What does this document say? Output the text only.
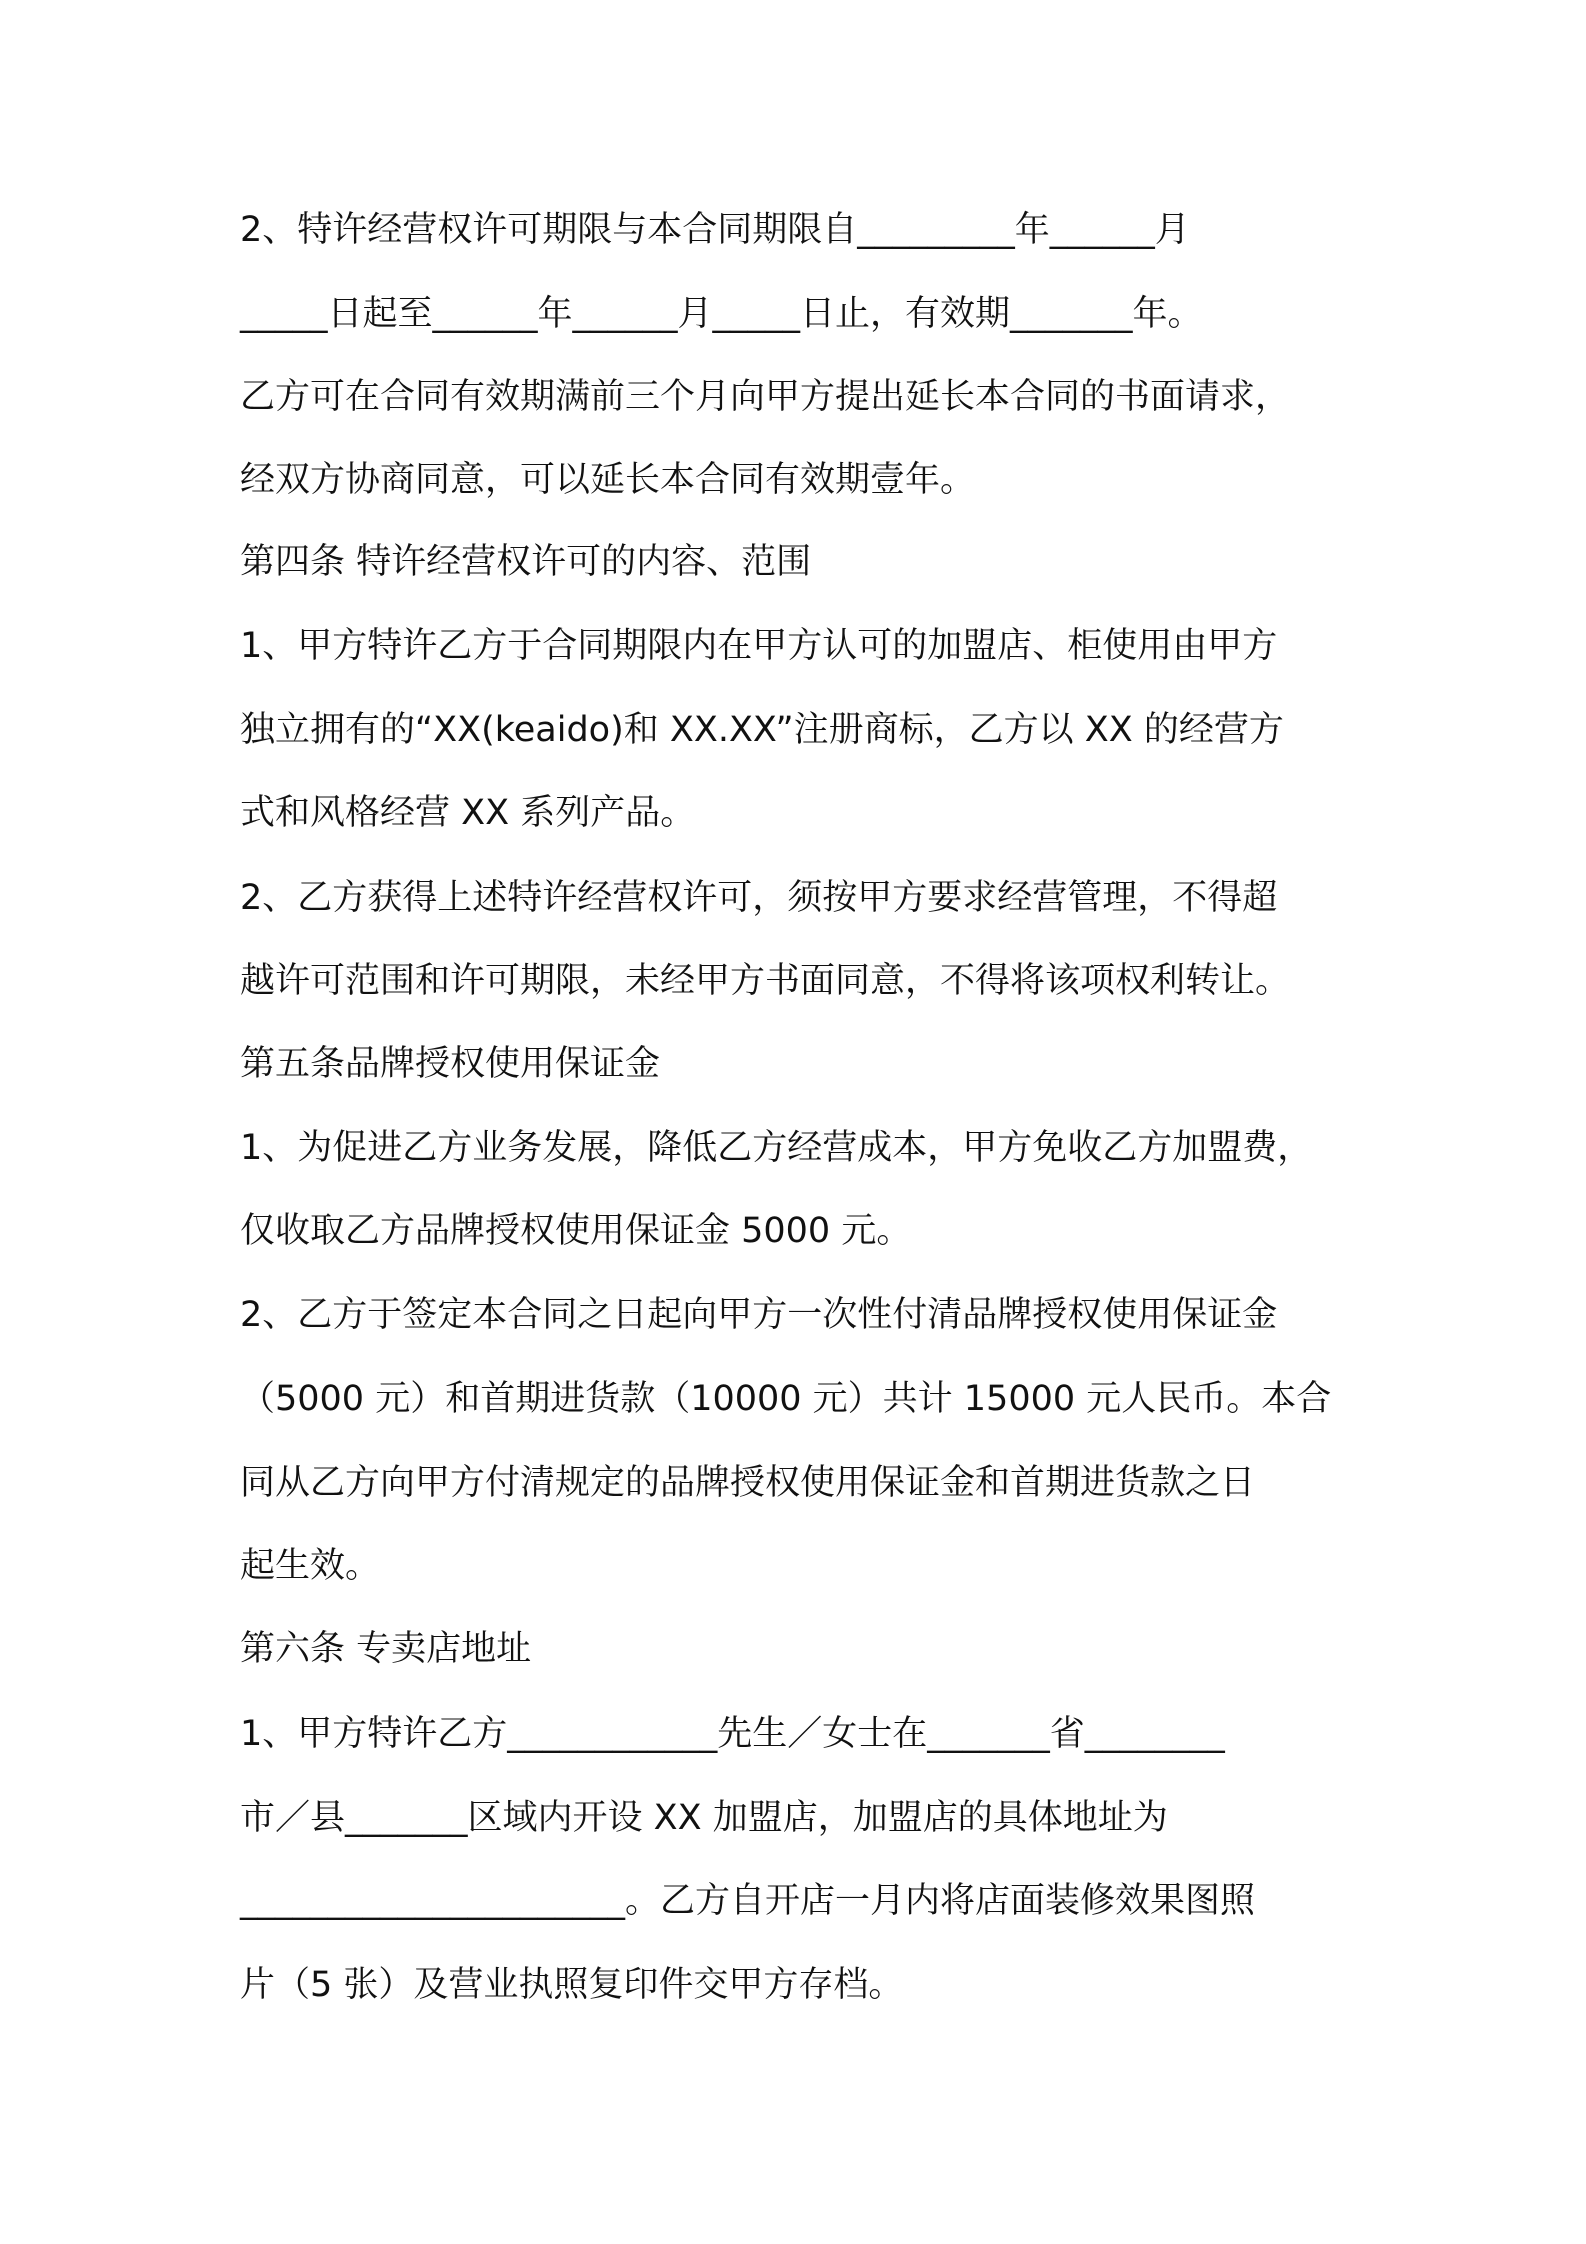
2、特许经营权许可期限与本合同期限自_________年______月
_____日起至______年______月_____日止，有效期_______年。
乙方可在合同有效期满前三个月向甲方提出延长本合同的书面请求，
经双方协商同意，可以延长本合同有效期壹年。
第四条 特许经营权许可的内容、范围
1、甲方特许乙方于合同期限内在甲方认可的加盟店、柜使用由甲方
独立拥有的“XX(keaido)和 XX.XX”注册商标，乙方以 XX 的经营方
式和风格经营 XX 系列产品。
2、乙方获得上述特许经营权许可，须按甲方要求经营管理，不得超
越许可范围和许可期限，未经甲方书面同意，不得将该项权利转让。
第五条品牌授权使用保证金
1、为促进乙方业务发展，降低乙方经营成本，甲方免收乙方加盟费，
仅收取乙方品牌授权使用保证金 5000 元。
2、乙方于签定本合同之日起向甲方一次性付清品牌授权使用保证金
（5000 元）和首期进货款（10000 元）共计 15000 元人民币。本合
同从乙方向甲方付清规定的品牌授权使用保证金和首期进货款之日
起生效。
第六条 专卖店地址
1、甲方特许乙方____________先生／女士在_______省________
市／县_______区域内开设 XX 加盟店，加盟店的具体地址为
______________________。乙方自开店一月内将店面装修效果图照
片（5 张）及营业执照复印件交甲方存档。
